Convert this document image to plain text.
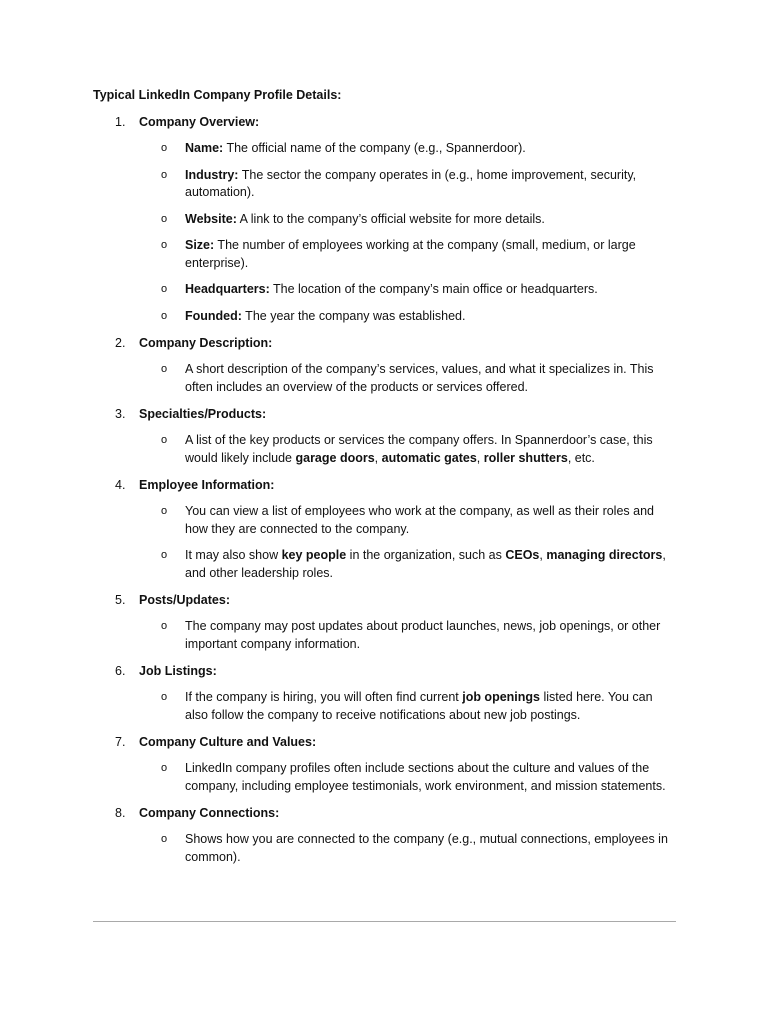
Typical LinkedIn Company Profile Details:
1. Company Overview:
o Name: The official name of the company (e.g., Spannerdoor).
o Industry: The sector the company operates in (e.g., home improvement, security, automation).
o Website: A link to the company’s official website for more details.
o Size: The number of employees working at the company (small, medium, or large enterprise).
o Headquarters: The location of the company’s main office or headquarters.
o Founded: The year the company was established.
2. Company Description:
o A short description of the company’s services, values, and what it specializes in. This often includes an overview of the products or services offered.
3. Specialties/Products:
o A list of the key products or services the company offers. In Spannerdoor’s case, this would likely include garage doors, automatic gates, roller shutters, etc.
4. Employee Information:
o You can view a list of employees who work at the company, as well as their roles and how they are connected to the company.
o It may also show key people in the organization, such as CEOs, managing directors, and other leadership roles.
5. Posts/Updates:
o The company may post updates about product launches, news, job openings, or other important company information.
6. Job Listings:
o If the company is hiring, you will often find current job openings listed here. You can also follow the company to receive notifications about new job postings.
7. Company Culture and Values:
o LinkedIn company profiles often include sections about the culture and values of the company, including employee testimonials, work environment, and mission statements.
8. Company Connections:
o Shows how you are connected to the company (e.g., mutual connections, employees in common).
